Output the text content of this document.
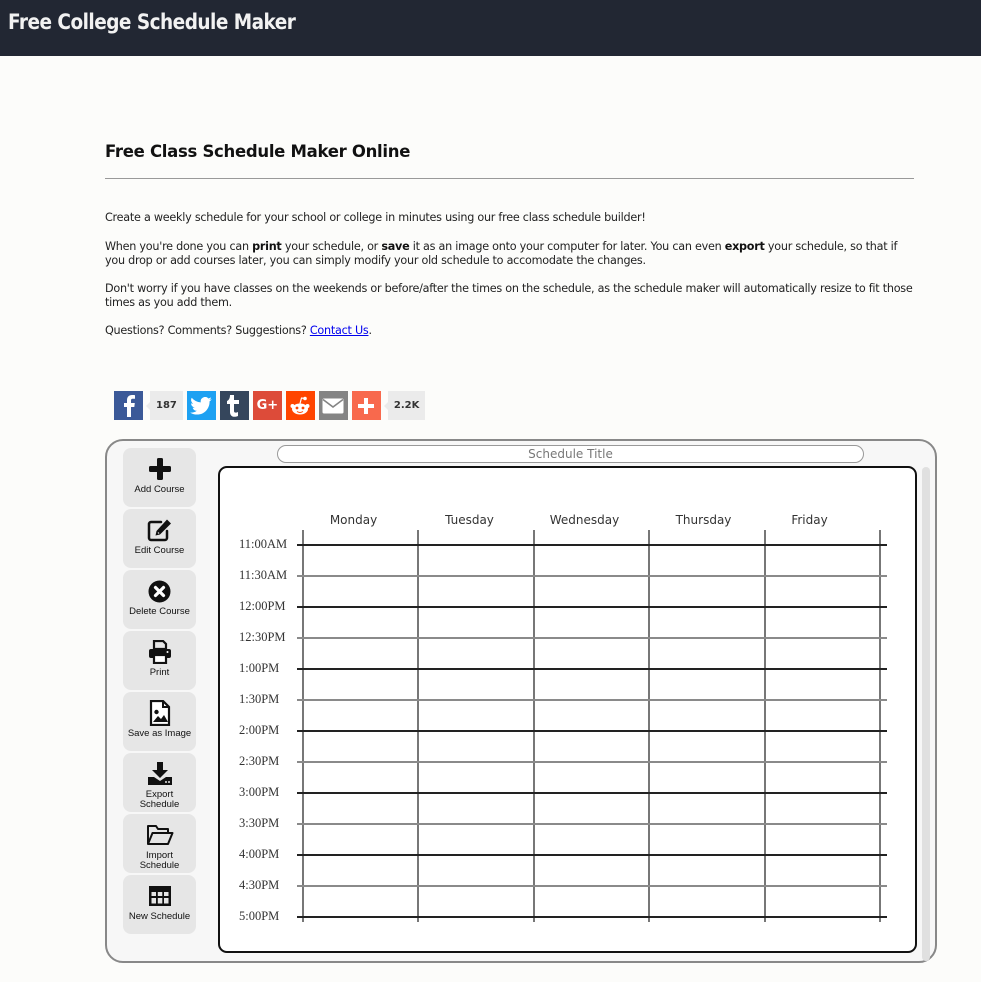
Free College Schedule Maker
Free Class Schedule Maker Online

Create a weekly schedule for your school or college in minutes using our free class schedule builder!

When you're done you can print your schedule, or save it as an image onto your computer for later. You can even export your schedule, so that if you drop or add courses later, you can simply modify your old schedule to accomodate the changes.

Don't worry if you have classes on the weekends or before/after the times on the schedule, as the schedule maker will automatically resize to fit those times as you add them.

Questions? Comments? Suggestions? Contact Us.

187	G+	2.2K
Add Course
Edit Course
Delete Course
Print
Save as Image
Export Schedule
Import Schedule
New Schedule
Schedule Title
Monday	Tuesday	Wednesday	Thursday	Friday
11:00AM
11:30AM
12:00PM
12:30PM
1:00PM
1:30PM
2:00PM
2:30PM
3:00PM
3:30PM
4:00PM
4:30PM
5:00PM
